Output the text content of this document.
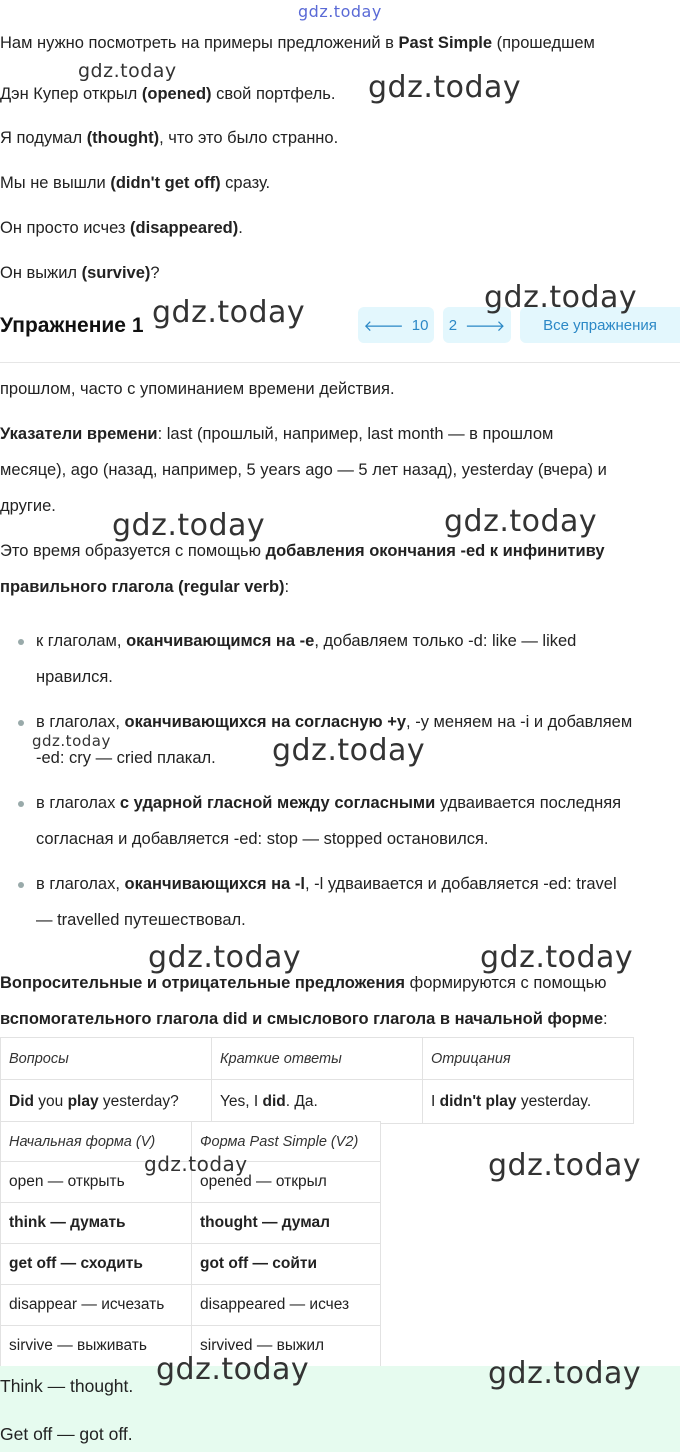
Нам нужно посмотреть на примеры предложений в Past Simple (прошедшем
Дэн Купер открыл (opened) свой портфель.
Я подумал (thought), что это было странно.
Мы не вышли (didn't get off) сразу.
Он просто исчез (disappeared).
Он выжил (survive)?
прошлом, часто с упоминанием времени действия.
Упражнение 1	🡐 10 2 🡒	Все упражнения
Указатели времени: last (прошлый, например, last month — в прошлом
месяце), ago (назад, например, 5 years ago — 5 лет назад), yesterday (вчера) и
другие.
Это время образуется с помощью добавления окончания -ed к инфинитиву
правильного глагола (regular verb):
к глаголам, оканчивающимся на -e, добавляем только -d: like — liked
нравился.
в глаголах, оканчивающихся на согласную +y, -y меняем на -i и добавляем
-ed: cry — cried плакал.
в глаголах с ударной гласной между согласными удваивается последняя
согласная и добавляется -ed: stop — stopped остановился.
в глаголах, оканчивающихся на -l, -l удваивается и добавляется -ed: travel
— travelled путешествовал.
Вопросительные и отрицательные предложения формируются с помощью
вспомогательного глагола did и смыслового глагола в начальной форме:
Вопросы	Краткие ответы	Отрицания
Did you play yesterday?	Yes, I did. Да.	I didn't play yesterday.
Начальная форма (V)	Форма Past Simple (V2)
open — открыть	opened — открыл
think — думать	thought — думал
get off — сходить	got off — сойти
disappear — исчезать	disappeared — исчез
sirvive — выживать	sirvived — выжил
Think — thought.
Get off — got off.
gdz.today
gdz.today
gdz.today
gdz.today	gdz.today
gdz.today	gdz.today
gdz.today	gdz.today
gdz.today	gdz.today
gdz.today	gdz.today
gdz.today	gdz.today
